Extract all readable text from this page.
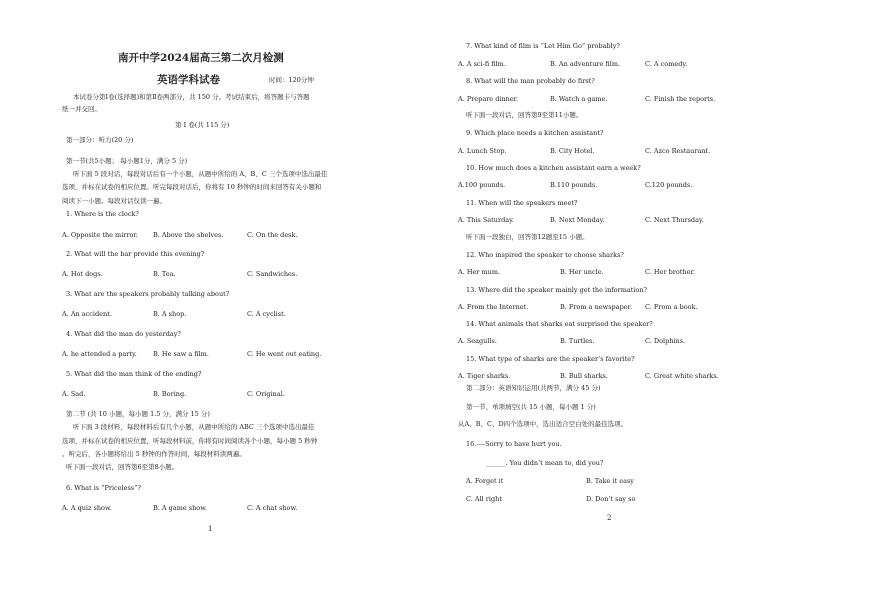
南开中学2024届高三第二次月检测
英语学科试卷	时间：120分钟
本试卷分第Ⅰ卷(选择题)和第Ⅱ卷两部分，共 150 分。考试结束后，将答题卡与答题
纸一并交回。
第 Ⅰ 卷(共 115 分)
第一部分：听力(20 分)
第一节(共5小题； 每小题1分，满分 5 分)
听下面 5 段对话，每段对话后有一个小题，从题中所给的 A、B、C 三个选项中选出最佳
选项，并标在试卷的相应位置。听完每段对话后，你将有 10 秒钟的时间来回答有关小题和
阅读下一小题。每段对话仅读一遍。
1. Where is the clock?
A. Opposite the mirror. B. Above the shelves.	C. On the desk.
2. What will the bar provide this evening?
A. Hot dogs.	B. Tea.	C. Sandwiches.
3. What are the speakers probably talking about?
A. An accident.	B. A shop.	C. A cyclist.
4. What did the man do yesterday?
A. he attended a party. B. He saw a film.	C. He went out eating.
5. What did the man think of the ending?
A. Sad.	B. Boring.	C. Original.
第二节 (共 10 小题，每小题 1.5 分，满分 15 分)
听下面 3 段材料，每段材料后有几个小题，从题中所给的 ABC 三个选项中选出最佳
选项，并标在试卷的相应位置，听每段材料前，你将有时间阅读各个小题，每小题 5 秒钟
。听完后，各小题将给出 5 秒钟的作答时间，每段材料读两遍。
听下面一段对话，回答第6至第8小题。
6. What is “Priceless”?
A. A quiz show.	B. A game show.	C. A chat show.
1
7. What kind of film is “Let Him Go” probably?
A. A sci-fi film.	B. An adventure film.	C. A comedy.
8. What will the man probably do first?
A. Prepare dinner.	B. Watch a game.	C. Finish the reports.
听下面一段对话，回答第9至第11小题。
9. Which place needs a kitchen assistant?
A. Lunch Stop.	B. City Hotel.	C. Azco Restaurant.
10. How much does a kitchen assistant earn a week?
A.100 pounds.	B.110 pounds.	C.120 pounds.
11. When will the speakers meet?
A. This Saturday.	B. Next Monday.	C. Next Thursday.
听下面一段独白，回答第12题至15 小题。
12. Who inspired the speaker to choose sharks?
A. Her mum.	B. Her uncle.	C. Her brother.
13. Where did the speaker mainly get the information?
A. From the Internet.	B. From a newspaper. C. From a book.
14. What animals that sharks eat surprised the speaker?
A. Seagulls.	B. Turtles.	C. Dolphins.
15. What type of sharks are the speaker’s favorite?
A. Tiger sharks.	B. Bull sharks.	C. Great white sharks.
第二部分：英语知识运用(共两节，满分 45 分)
第一节、单项填空(共 15 小题，每小题 1 分)
从A、B、C、D四个选项中，选出适合空白处的最佳选项。
16.----Sorry to have hurt you.
______. You didn’t mean to, did you?
A. Forget it	B. Take it easy
C. All right	D. Don’t say so
2
